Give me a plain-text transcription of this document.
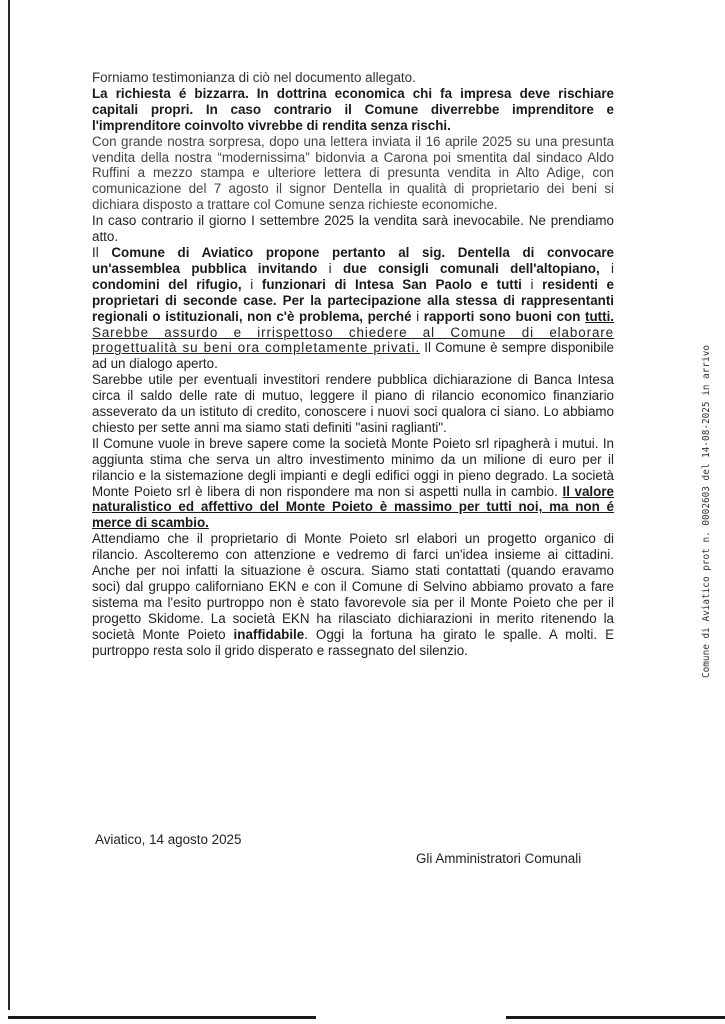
Forniamo testimonianza di ciò nel documento allegato.

La richiesta é bizzarra. In dottrina economica chi fa impresa deve rischiare capitali propri. In caso contrario il Comune diverrebbe imprenditore e l'imprenditore coinvolto vivrebbe di rendita senza rischi.

Con grande nostra sorpresa, dopo una lettera inviata il 16 aprile 2025 su una presunta vendita della nostra “modernissima” bidonvia a Carona poi smentita dal sindaco Aldo Ruffini a mezzo stampa e ulteriore lettera di presunta vendita in Alto Adige, con comunicazione del 7 agosto il signor Dentella in qualità di proprietario dei beni si dichiara disposto a trattare col Comune senza richieste economiche.

In caso contrario il giorno I settembre 2025 la vendita sarà inevocabile. Ne prendiamo atto.

Il Comune di Aviatico propone pertanto al sig. Dentella di convocare un'assemblea pubblica invitando i due consigli comunali dell'altopiano, i condomini del rifugio, i funzionari di Intesa San Paolo e tutti i residenti e proprietari di seconde case. Per la partecipazione alla stessa di rappresentanti regionali o istituzionali, non c'è problema, perché i rapporti sono buoni con tutti. Sarebbe assurdo e irrispettoso chiedere al Comune di elaborare progettualità su beni ora completamente privati. Il Comune è sempre disponibile ad un dialogo aperto.

Sarebbe utile per eventuali investitori rendere pubblica dichiarazione di Banca Intesa circa il saldo delle rate di mutuo, leggere il piano di rilancio economico finanziario asseverato da un istituto di credito, conoscere i nuovi soci qualora ci siano. Lo abbiamo chiesto per sette anni ma siamo stati definiti "asini raglianti".

Il Comune vuole in breve sapere come la società Monte Poieto srl ripagherà i mutui. In aggiunta stima che serva un altro investimento minimo da un milione di euro per il rilancio e la sistemazione degli impianti e degli edifici oggi in pieno degrado. La società Monte Poieto srl è libera di non rispondere ma non si aspetti nulla in cambio. Il valore naturalistico ed affettivo del Monte Poieto è massimo per tutti noi, ma non é merce di scambio.

Attendiamo che il proprietario di Monte Poieto srl elabori un progetto organico di rilancio. Ascolteremo con attenzione e vedremo di farci un'idea insieme ai cittadini. Anche per noi infatti la situazione è oscura. Siamo stati contattati (quando eravamo soci) dal gruppo californiano EKN e con il Comune di Selvino abbiamo provato a fare sistema ma l'esito purtroppo non è stato favorevole sia per il Monte Poieto che per il progetto Skidome. La società EKN ha rilasciato dichiarazioni in merito ritenendo la società Monte Poieto inaffidabile. Oggi la fortuna ha girato le spalle. A molti. E purtroppo resta solo il grido disperato e rassegnato del silenzio.

Aviatico, 14 agosto 2025
Gli Amministratori Comunali
Comune di Aviatico prot n. 0002603 del 14-08-2025 in arrivo
